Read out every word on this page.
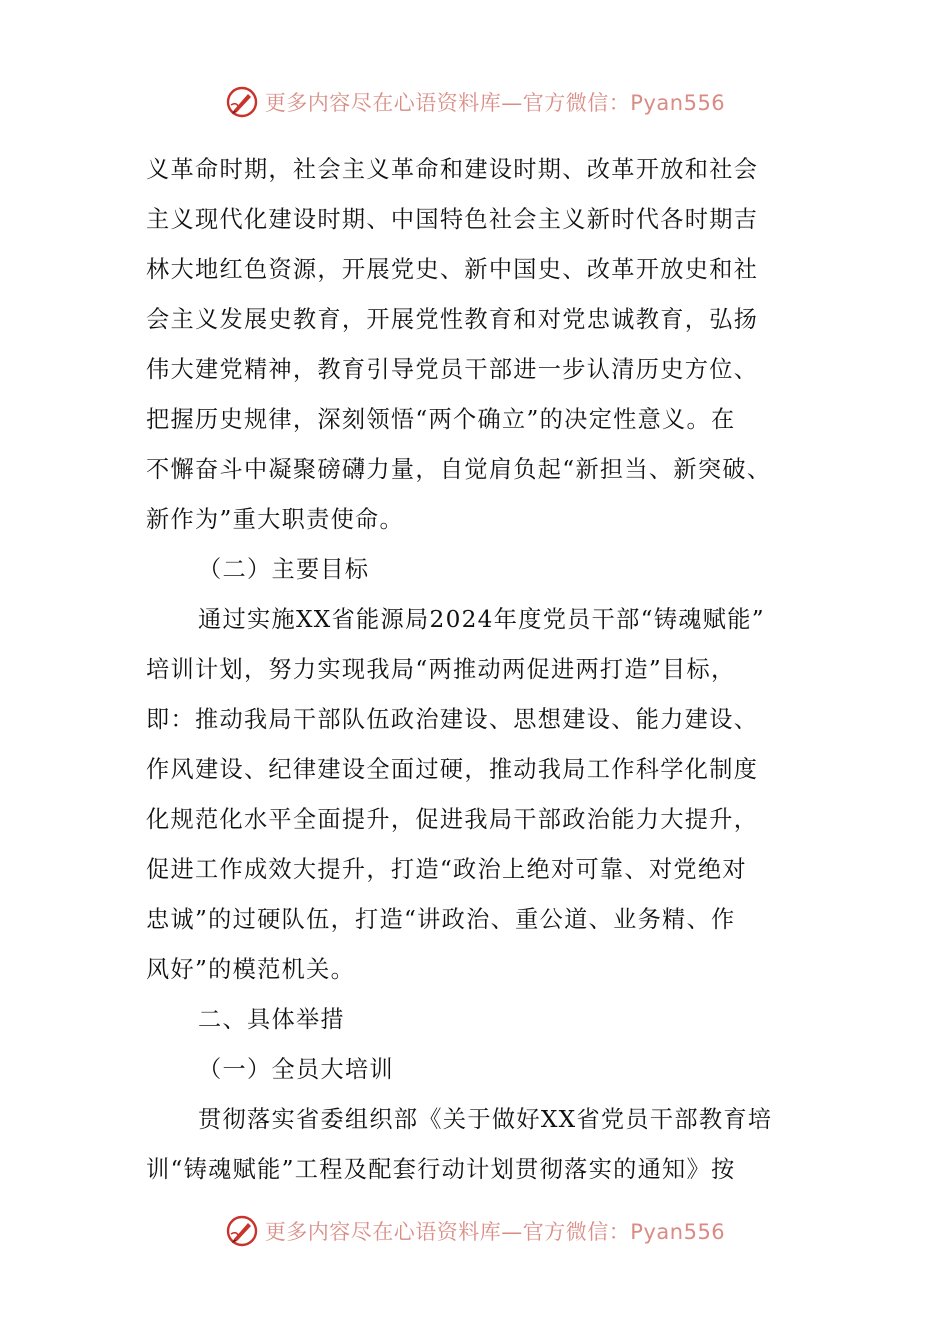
更多内容尽在心语资料库—官方微信：Pyan556
义革命时期，社会主义革命和建设时期、改革开放和社会
主义现代化建设时期、中国特色社会主义新时代各时期吉
林大地红色资源，开展党史、新中国史、改革开放史和社
会主义发展史教育，开展党性教育和对党忠诚教育，弘扬
伟大建党精神，教育引导党员干部进一步认清历史方位、
把握历史规律，深刻领悟“两个确立”的决定性意义。在
不懈奋斗中凝聚磅礴力量，自觉肩负起“新担当、新突破、
新作为”重大职责使命。
（二）主要目标
通过实施XX省能源局2024年度党员干部“铸魂赋能”
培训计划，努力实现我局“两推动两促进两打造”目标，
即：推动我局干部队伍政治建设、思想建设、能力建设、
作风建设、纪律建设全面过硬，推动我局工作科学化制度
化规范化水平全面提升，促进我局干部政治能力大提升，
促进工作成效大提升，打造“政治上绝对可靠、对党绝对
忠诚”的过硬队伍，打造“讲政治、重公道、业务精、作
风好”的模范机关。
二、具体举措
（一）全员大培训
贯彻落实省委组织部《关于做好XX省党员干部教育培
训“铸魂赋能”工程及配套行动计划贯彻落实的通知》按
更多内容尽在心语资料库—官方微信：Pyan556
